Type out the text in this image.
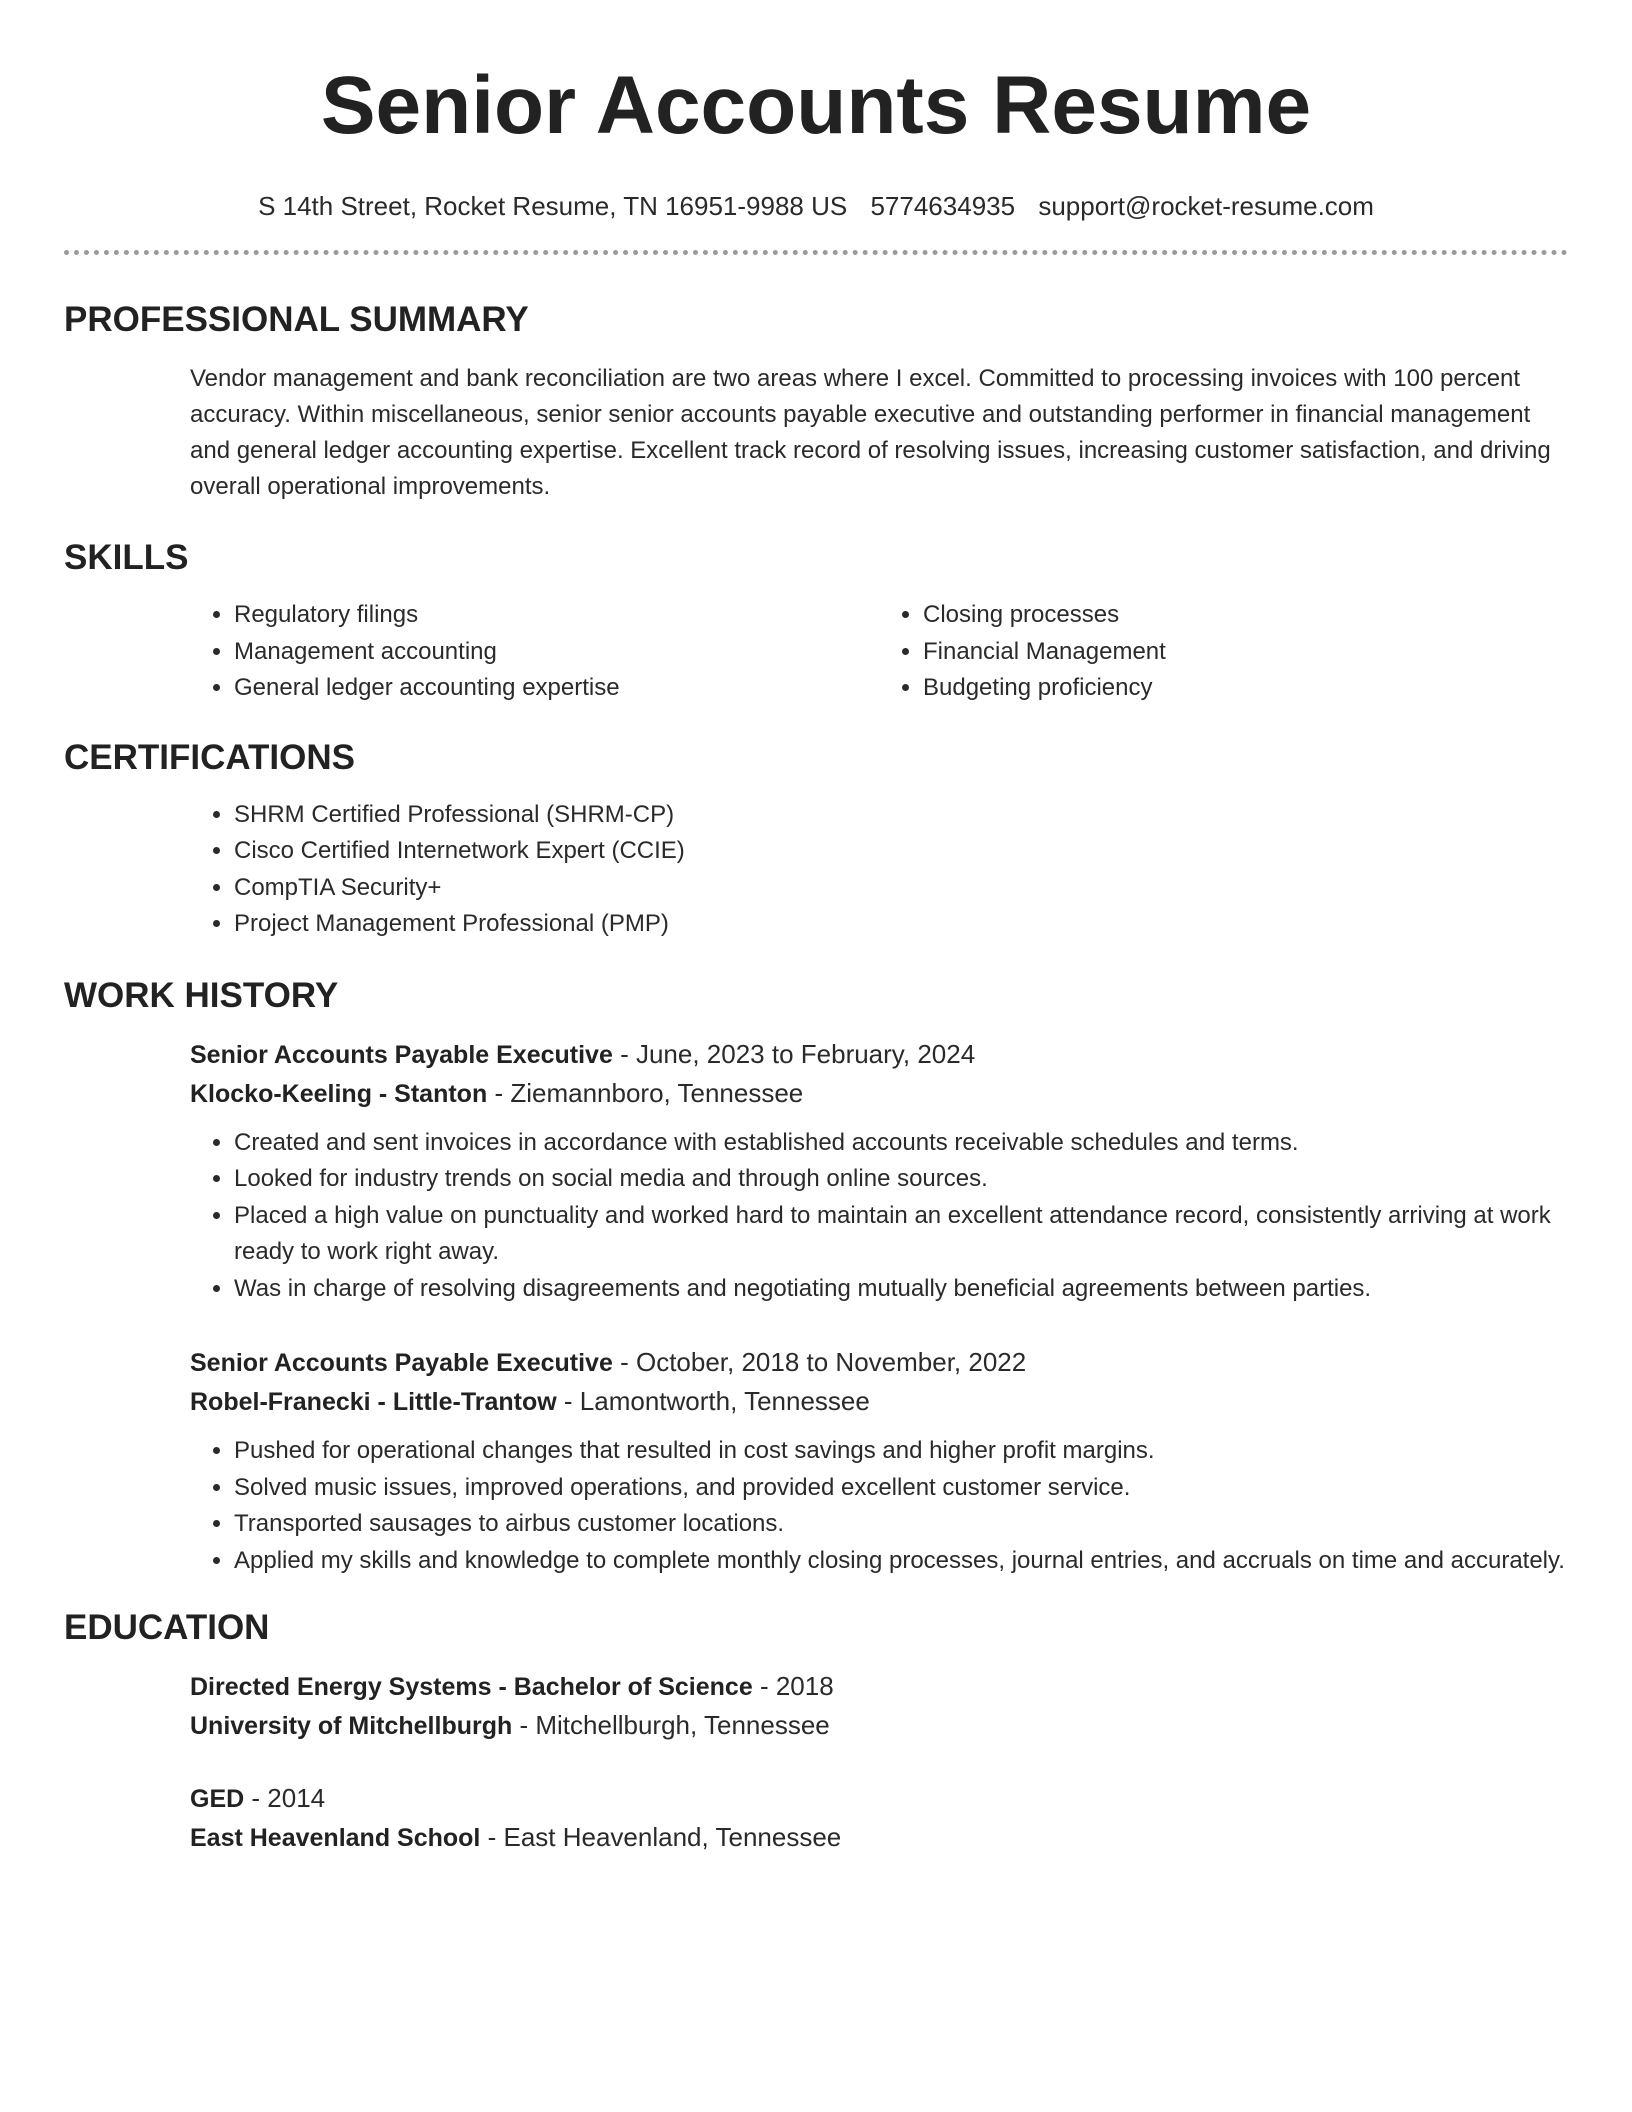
Senior Accounts Resume
S 14th Street, Rocket Resume, TN 16951-9988 US 5774634935 support@rocket-resume.com
PROFESSIONAL SUMMARY

Vendor management and bank reconciliation are two areas where I excel. Committed to processing invoices with 100 percent accuracy. Within miscellaneous, senior senior accounts payable executive and outstanding performer in financial management and general ledger accounting expertise. Excellent track record of resolving issues, increasing customer satisfaction, and driving overall operational improvements.

SKILLS
• Regulatory filings
• Management accounting
• General ledger accounting expertise
• Closing processes
• Financial Management
• Budgeting proficiency
CERTIFICATIONS
• SHRM Certified Professional (SHRM-CP)
• Cisco Certified Internetwork Expert (CCIE)
• CompTIA Security+
• Project Management Professional (PMP)
WORK HISTORY
Senior Accounts Payable Executive - June, 2023 to February, 2024
Klocko-Keeling - Stanton - Ziemannboro, Tennessee
• Created and sent invoices in accordance with established accounts receivable schedules and terms.
• Looked for industry trends on social media and through online sources.
• Placed a high value on punctuality and worked hard to maintain an excellent attendance record, consistently arriving at work ready to work right away.
• Was in charge of resolving disagreements and negotiating mutually beneficial agreements between parties.
Senior Accounts Payable Executive - October, 2018 to November, 2022
Robel-Franecki - Little-Trantow - Lamontworth, Tennessee
• Pushed for operational changes that resulted in cost savings and higher profit margins.
• Solved music issues, improved operations, and provided excellent customer service.
• Transported sausages to airbus customer locations.
• Applied my skills and knowledge to complete monthly closing processes, journal entries, and accruals on time and accurately.
EDUCATION
Directed Energy Systems - Bachelor of Science - 2018
University of Mitchellburgh - Mitchellburgh, Tennessee
GED - 2014
East Heavenland School - East Heavenland, Tennessee
